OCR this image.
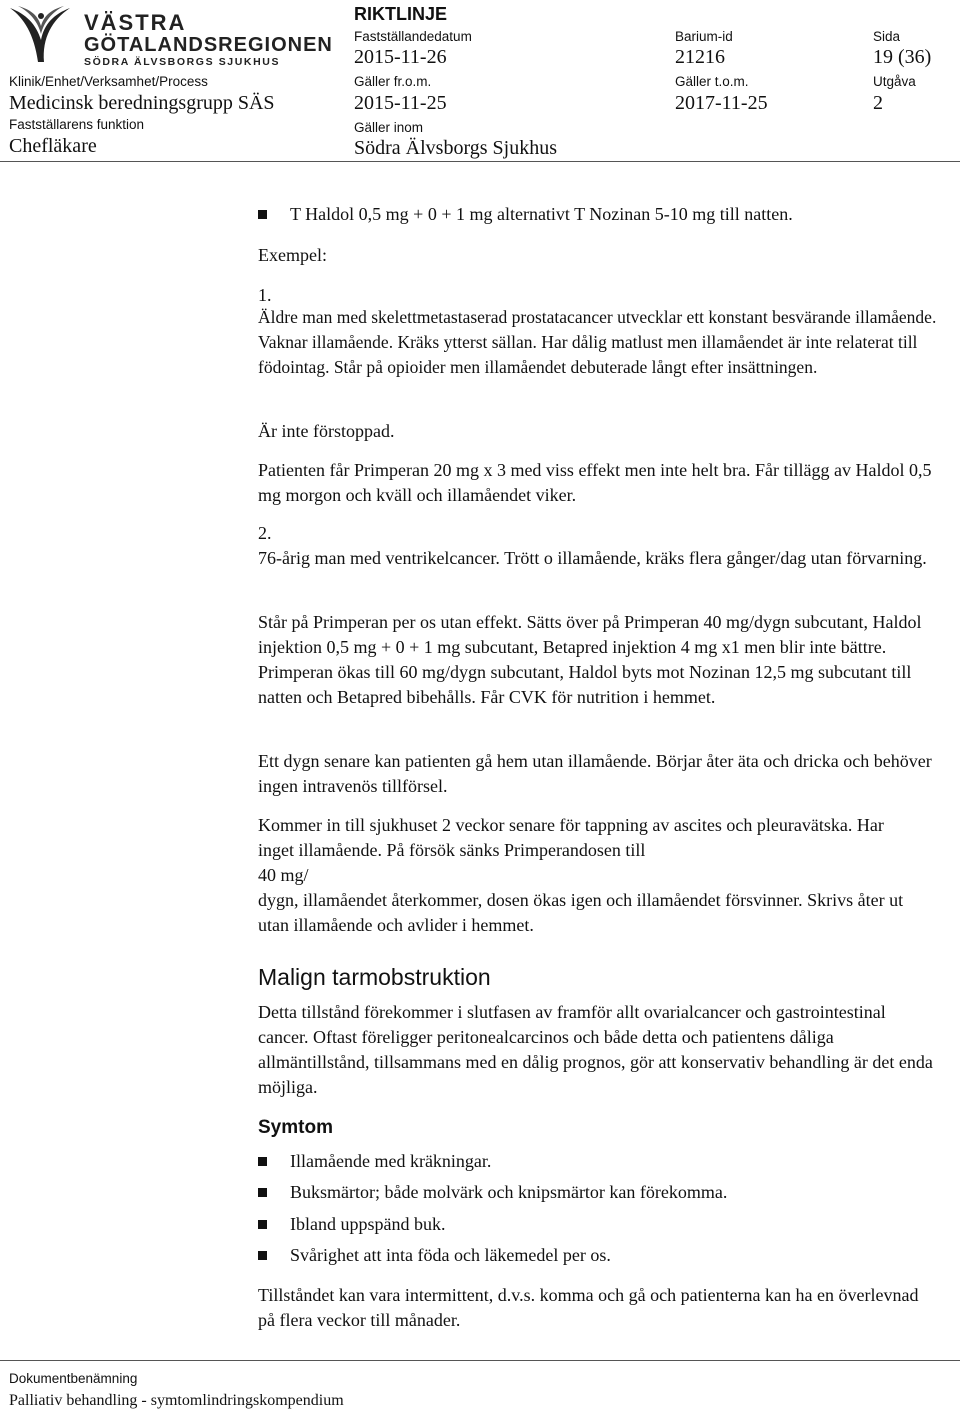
VÄSTRA
GÖTALANDSREGIONEN
SÖDRA ÄLVSBORGS SJUKHUS
RIKTLINJE
Fastställandedatum
2015-11-26
Barium-id
21216
Sida
19 (36)
Klinik/Enhet/Verksamhet/Process
Medicinsk beredningsgrupp SÄS
Gäller fr.o.m.
2015-11-25
Gäller t.o.m.
2017-11-25
Utgåva
2
Fastställarens funktion
Chefläkare
Gäller inom
Södra Älvsborgs Sjukhus
T Haldol 0,5 mg + 0 + 1 mg alternativt T Nozinan 5-10 mg till natten.
Exempel:
1.
Äldre man med skelettmetastaserad prostatacancer utvecklar ett konstant besvärande illamående. Vaknar illamående. Kräks ytterst sällan. Har dålig matlust men illamåendet är inte relaterat till födointag. Står på opioider men illamåendet debuterade långt efter insättningen.
Är inte förstoppad.
Patienten får Primperan 20 mg x 3 med viss effekt men inte helt bra. Får tillägg av Haldol 0,5 mg morgon och kväll och illamåendet viker.
2.
76-årig man med ventrikelcancer. Trött o illamående, kräks flera gånger/dag utan förvarning.
Står på Primperan per os utan effekt. Sätts över på Primperan 40 mg/dygn subcutant, Haldol injektion 0,5 mg + 0 + 1 mg subcutant, Betapred injektion 4 mg x1 men blir inte bättre. Primperan ökas till 60 mg/dygn subcutant, Haldol byts mot Nozinan 12,5 mg subcutant till natten och Betapred bibehålls. Får CVK för nutrition i hemmet.
Ett dygn senare kan patienten gå hem utan illamående. Börjar åter äta och dricka och behöver ingen intravenös tillförsel.
Kommer in till sjukhuset 2 veckor senare för tappning av ascites och pleuravätska. Har inget illamående. På försök sänks Primperandosen till
40 mg/
dygn, illamåendet återkommer, dosen ökas igen och illamåendet försvinner. Skrivs åter ut utan illamående och avlider i hemmet.
Malign tarmobstruktion
Detta tillstånd förekommer i slutfasen av framför allt ovarialcancer och gastrointestinal cancer. Oftast föreligger peritonealcarcinos och både detta och patientens dåliga allmäntillstånd, tillsammans med en dålig prognos, gör att konservativ behandling är det enda möjliga.
Symtom
Illamående med kräkningar.
Buksmärtor; både molvärk och knipsmärtor kan förekomma.
Ibland uppspänd buk.
Svårighet att inta föda och läkemedel per os.
Tillståndet kan vara intermittent, d.v.s. komma och gå och patienterna kan ha en överlevnad på flera veckor till månader.
Dokumentbenämning
Palliativ behandling - symtomlindringskompendium
